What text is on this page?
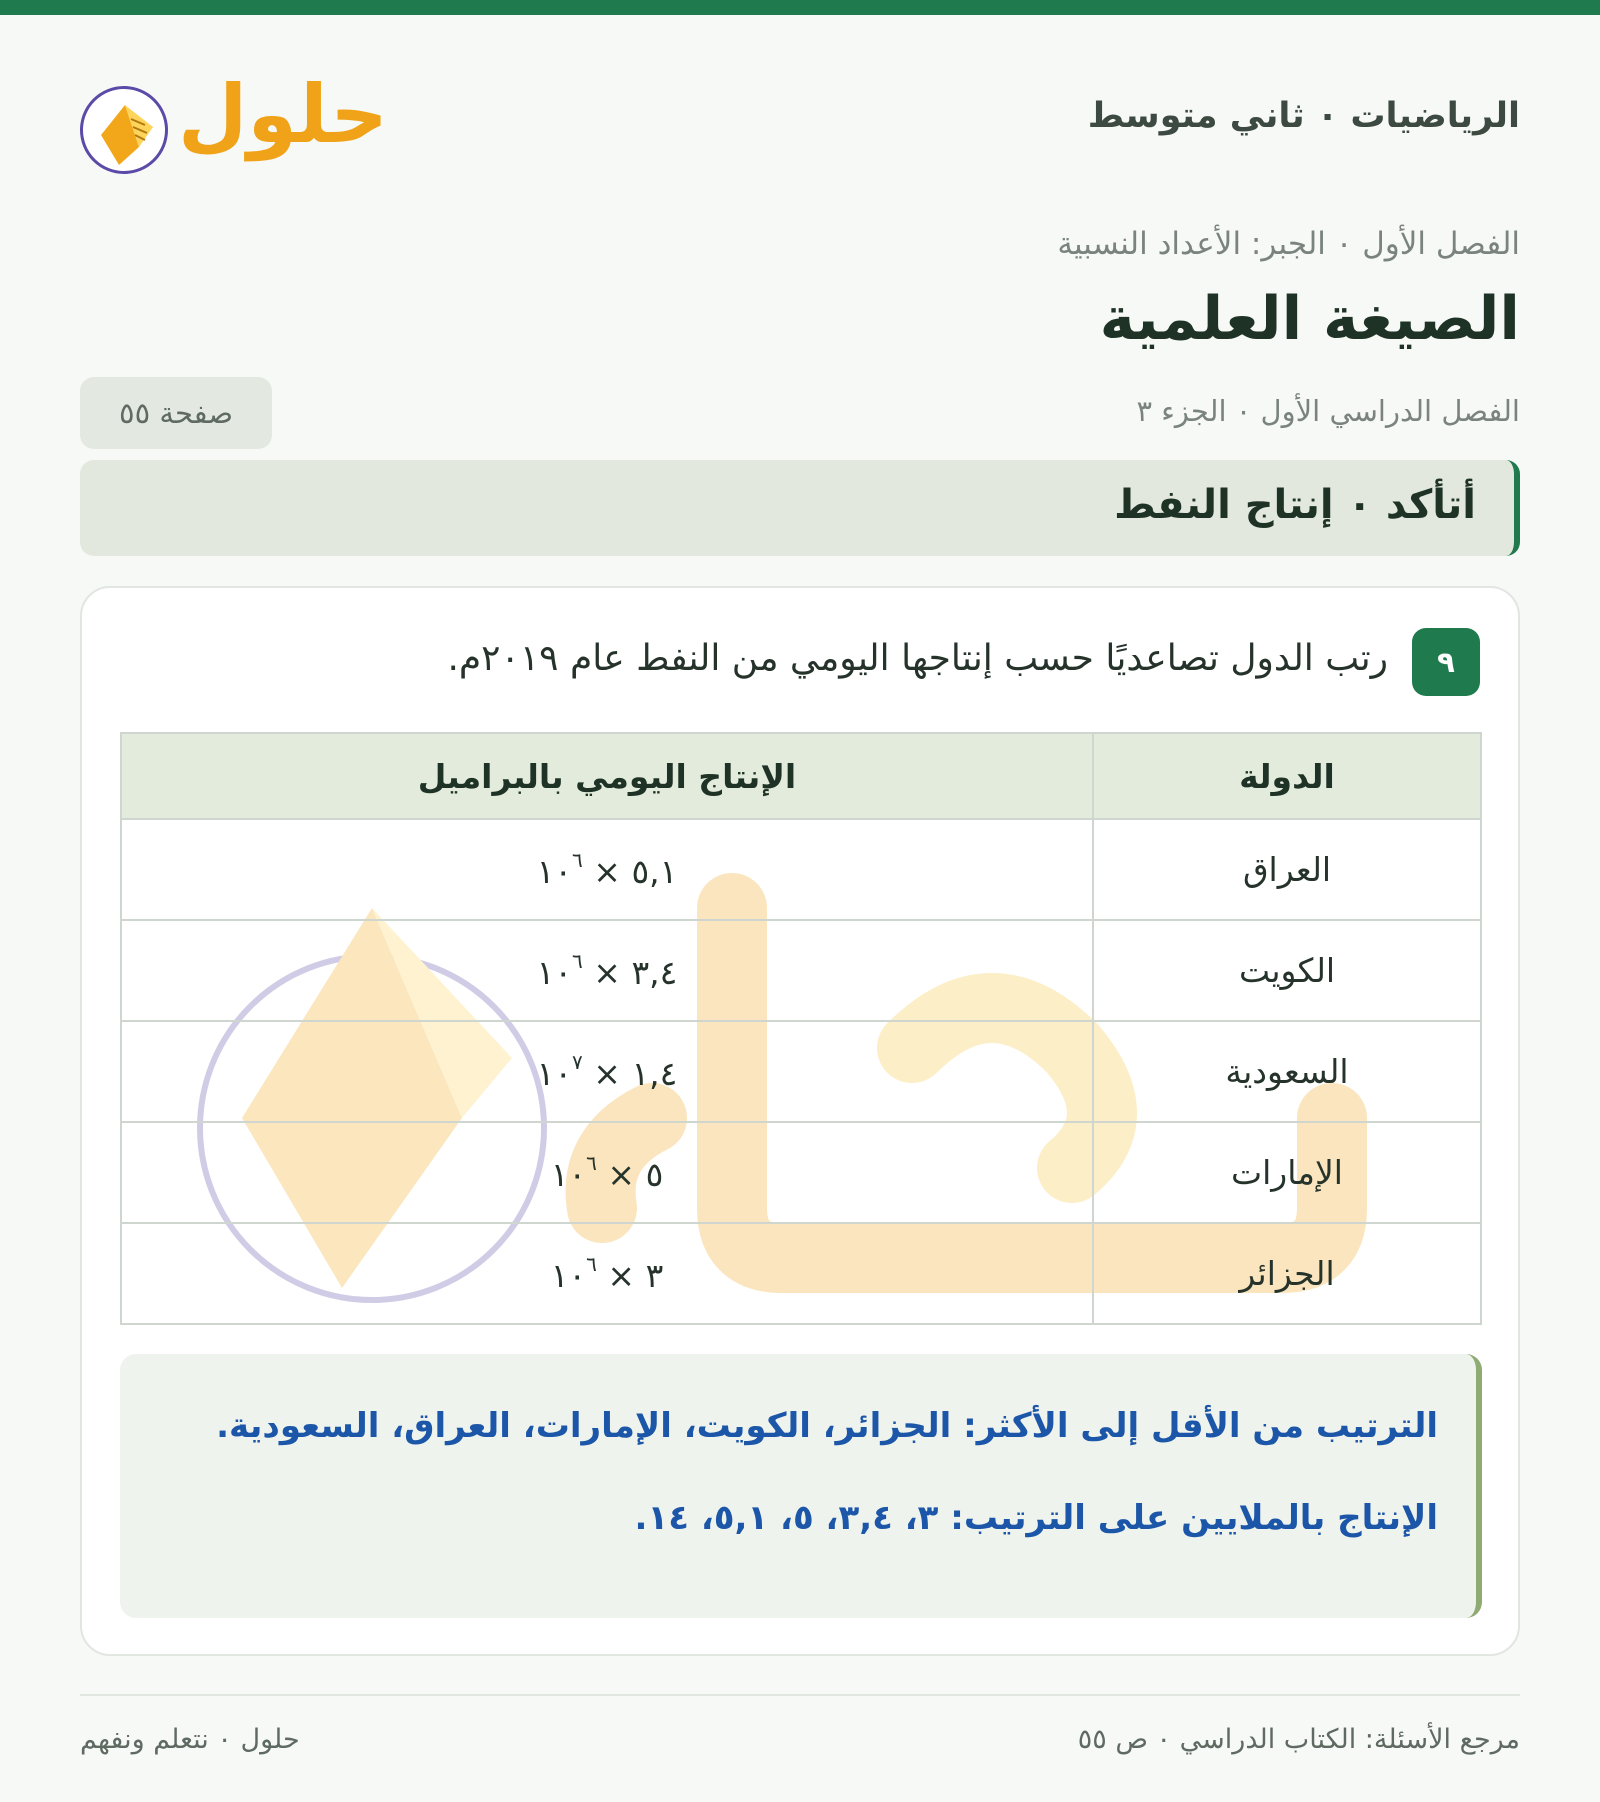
الرياضيات ٠ ثاني متوسط
حلول
الفصل الأول ٠ الجبر: الأعداد النسبية
الصيغة العلمية
الفصل الدراسي الأول ٠ الجزء ٣
صفحة ٥٥
أتأكد ٠ إنتاج النفط
٩
رتب الدول تصاعديًا حسب إنتاجها اليومي من النفط عام ٢٠١٩م.
الدولة	الإنتاج اليومي بالبراميل
العراق	٥,١ × $١٠^٦$
الكويت	٣,٤ × $١٠^٦$
السعودية	١,٤ × $١٠^٧$
الإمارات	٥ × $١٠^٦$
الجزائر	٣ × $١٠^٦$

الترتيب من الأقل إلى الأكثر: الجزائر، الكويت، الإمارات، العراق، السعودية.

الإنتاج بالملايين على الترتيب: ٣، ٣,٤، ٥، ٥,١، ١٤.

مرجع الأسئلة: الكتاب الدراسي ٠ ص ٥٥
حلول ٠ نتعلم ونفهم
